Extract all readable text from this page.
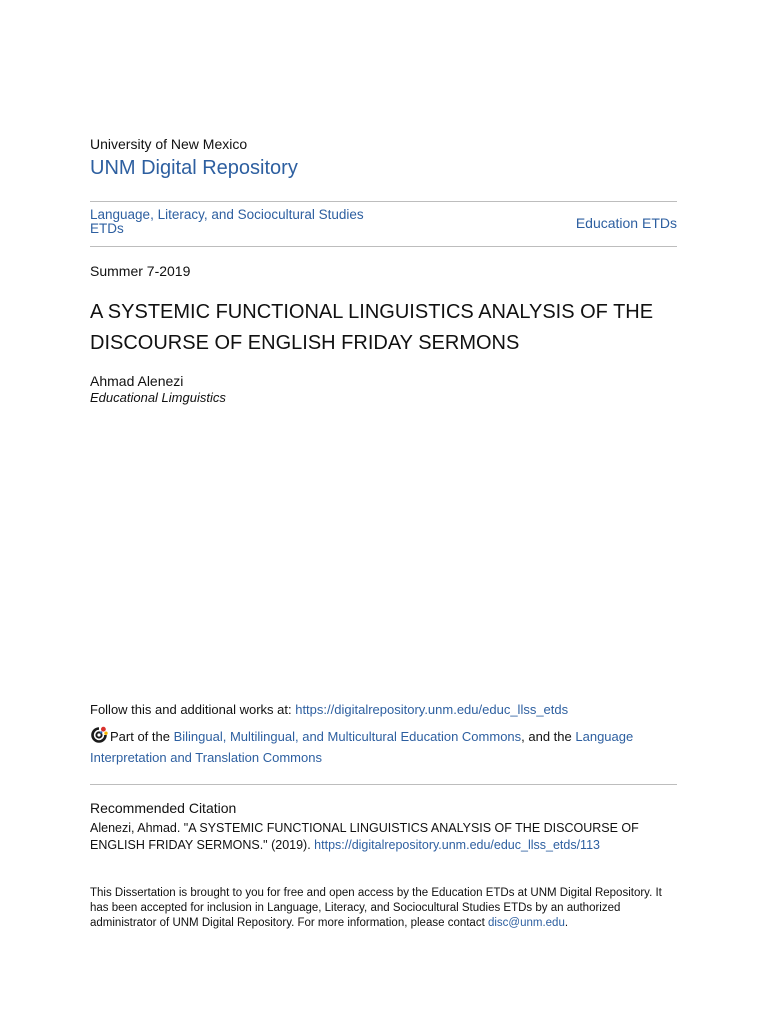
University of New Mexico
UNM Digital Repository
Language, Literacy, and Sociocultural Studies ETDs	Education ETDs
Summer 7-2019
A SYSTEMIC FUNCTIONAL LINGUISTICS ANALYSIS OF THE DISCOURSE OF ENGLISH FRIDAY SERMONS
Ahmad Alenezi
Educational Limguistics
Follow this and additional works at: https://digitalrepository.unm.edu/educ_llss_etds
Part of the Bilingual, Multilingual, and Multicultural Education Commons, and the Language Interpretation and Translation Commons
Recommended Citation
Alenezi, Ahmad. "A SYSTEMIC FUNCTIONAL LINGUISTICS ANALYSIS OF THE DISCOURSE OF ENGLISH FRIDAY SERMONS." (2019). https://digitalrepository.unm.edu/educ_llss_etds/113
This Dissertation is brought to you for free and open access by the Education ETDs at UNM Digital Repository. It has been accepted for inclusion in Language, Literacy, and Sociocultural Studies ETDs by an authorized administrator of UNM Digital Repository. For more information, please contact disc@unm.edu.
